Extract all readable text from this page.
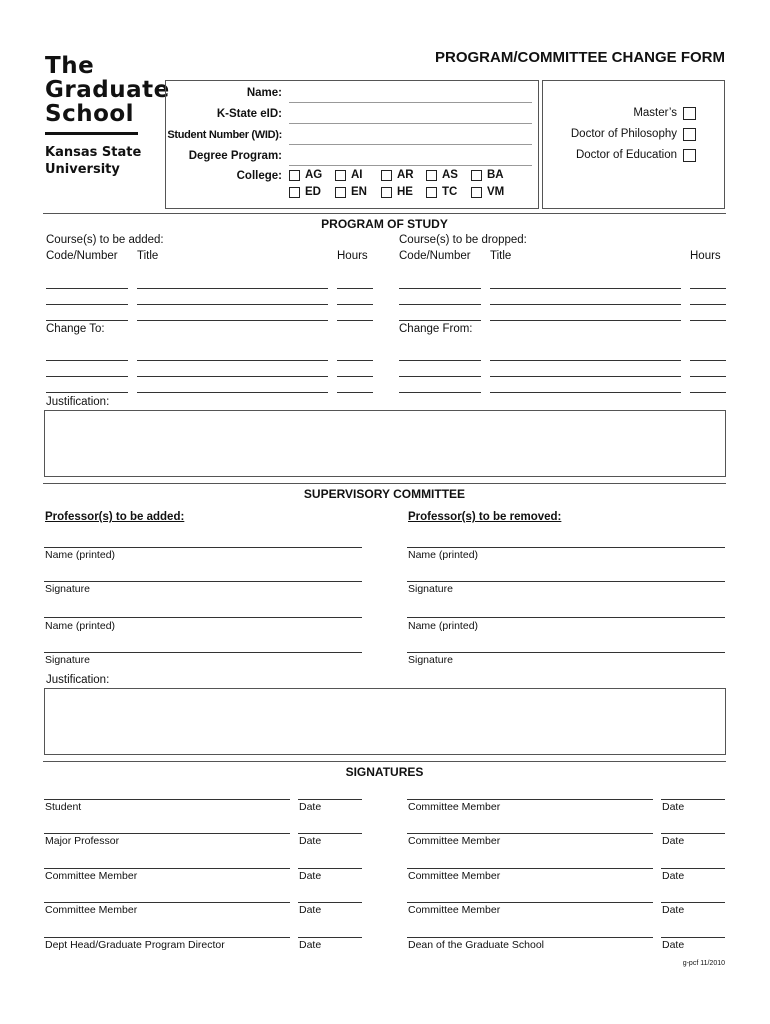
The
Graduate
School
Kansas State
University
PROGRAM/COMMITTEE CHANGE FORM
Name:
K-State eID:
Student Number (WID):
Degree Program:
College: AG	AI	AR AS	BA
ED	EN	HE	TC	VM
Master’s
Doctor of Philosophy
Doctor of Education
PROGRAM OF STUDY
Course(s) to be added:	Course(s) to be dropped:
Code/Number Title	Hours	Code/Number Title	Hours
Change To:	Change From:
Justification:
SUPERVISORY COMMITTEE
Professor(s) to be added:	Professor(s) to be removed:
Name (printed)
Signature
Name (printed)
Signature
Name (printed)
Signature
Name (printed)
Signature
Justification:
SIGNATURES
Student	Date	Committee Member	Date
Major Professor	Date	Committee Member	Date
Committee Member	Date	Committee Member	Date
Committee Member	Date	Committee Member	Date
Dept Head/Graduate Program Director	Date	Dean of the Graduate School	Date
g-pcf 11/2010
